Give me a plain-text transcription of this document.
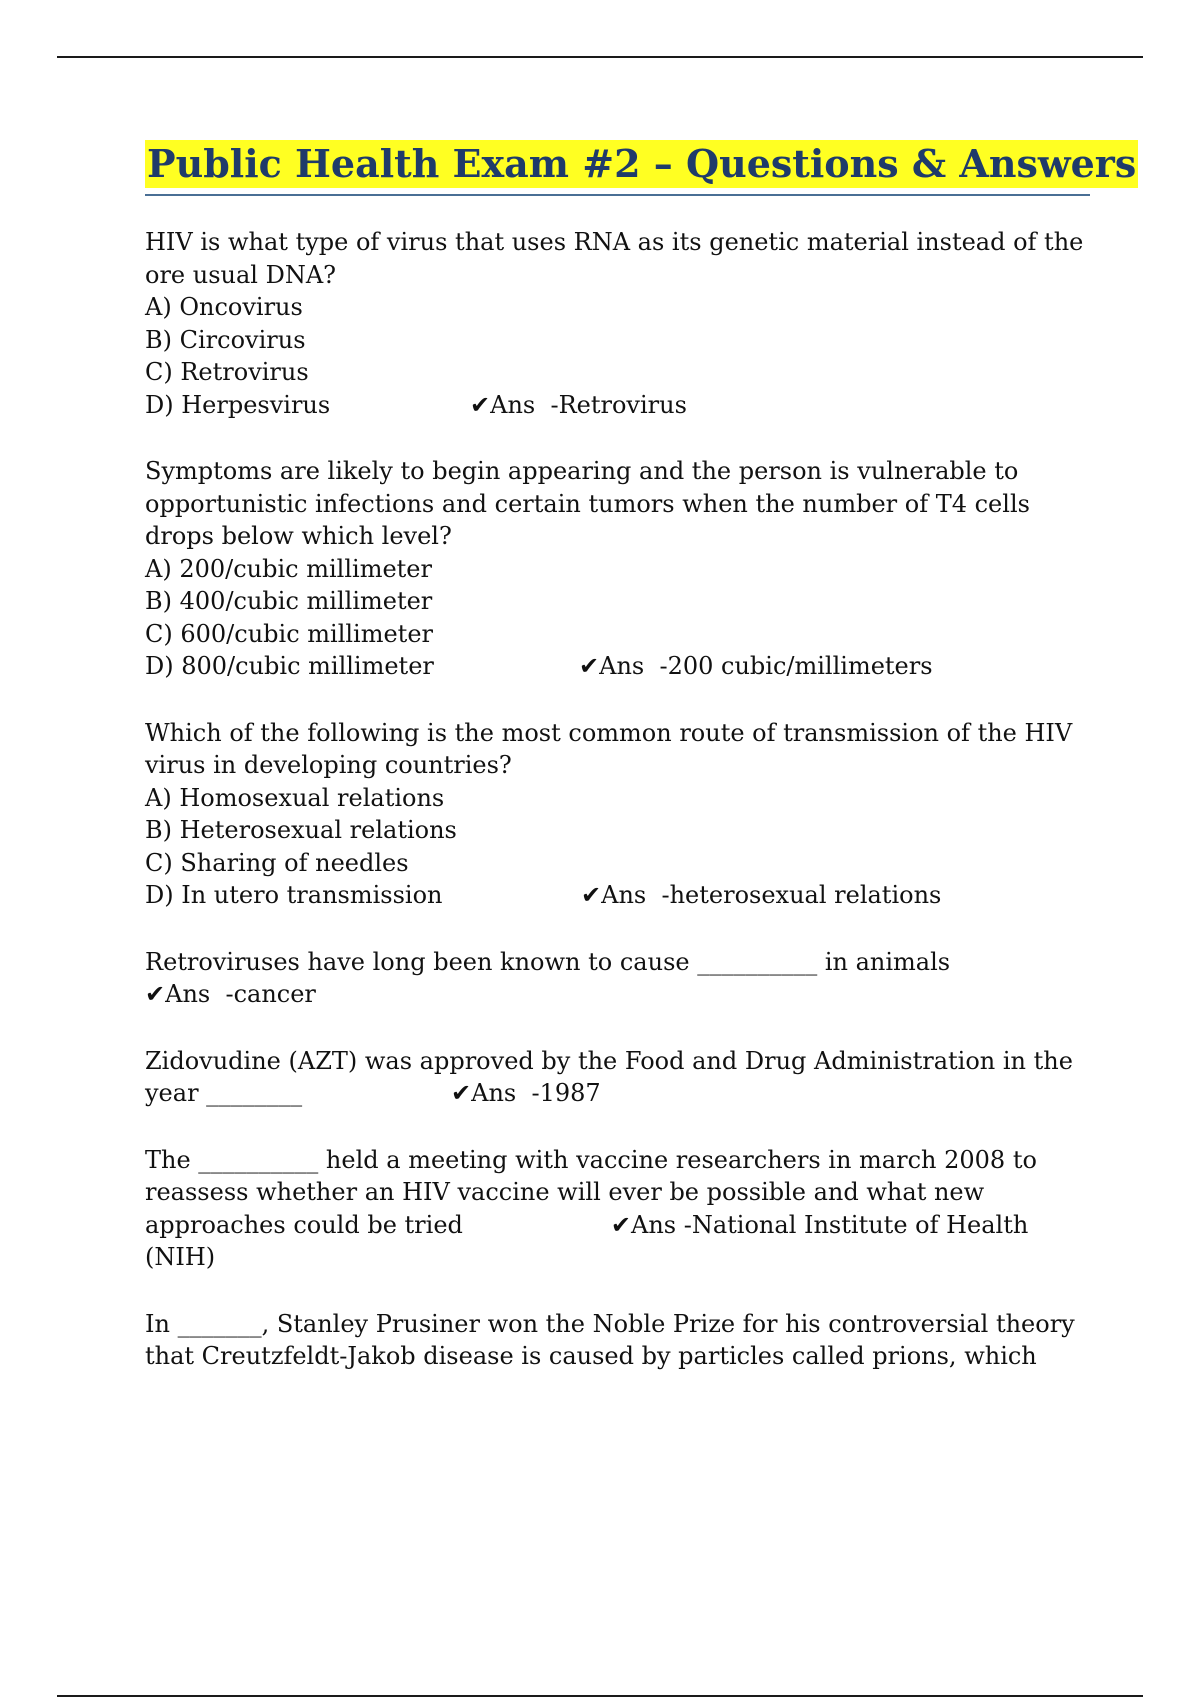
Public Health Exam #2 – Questions & Answers
HIV is what type of virus that uses RNA as its genetic material instead of the ore usual DNA?
A) Oncovirus
B) Circovirus
C) Retrovirus
D) Herpesvirus	✔Ans  -Retrovirus
Symptoms are likely to begin appearing and the person is vulnerable to opportunistic infections and certain tumors when the number of T4 cells drops below which level?
A) 200/cubic millimeter
B) 400/cubic millimeter
C) 600/cubic millimeter
D) 800/cubic millimeter	✔Ans  -200 cubic/millimeters
Which of the following is the most common route of transmission of the HIV virus in developing countries?
A) Homosexual relations
B) Heterosexual relations
C) Sharing of needles
D) In utero transmission	✔Ans  -heterosexual relations
Retroviruses have long been known to cause __________ in animals
✔Ans  -cancer
Zidovudine (AZT) was approved by the Food and Drug Administration in the
year ________	✔Ans  -1987
The __________ held a meeting with vaccine researchers in march 2008 to reassess whether an HIV vaccine will ever be possible and what new approaches could be tried	✔Ans -National Institute of Health (NIH)
In _______, Stanley Prusiner won the Noble Prize for his controversial theory that Creutzfeldt-Jakob disease is caused by particles called prions, which
